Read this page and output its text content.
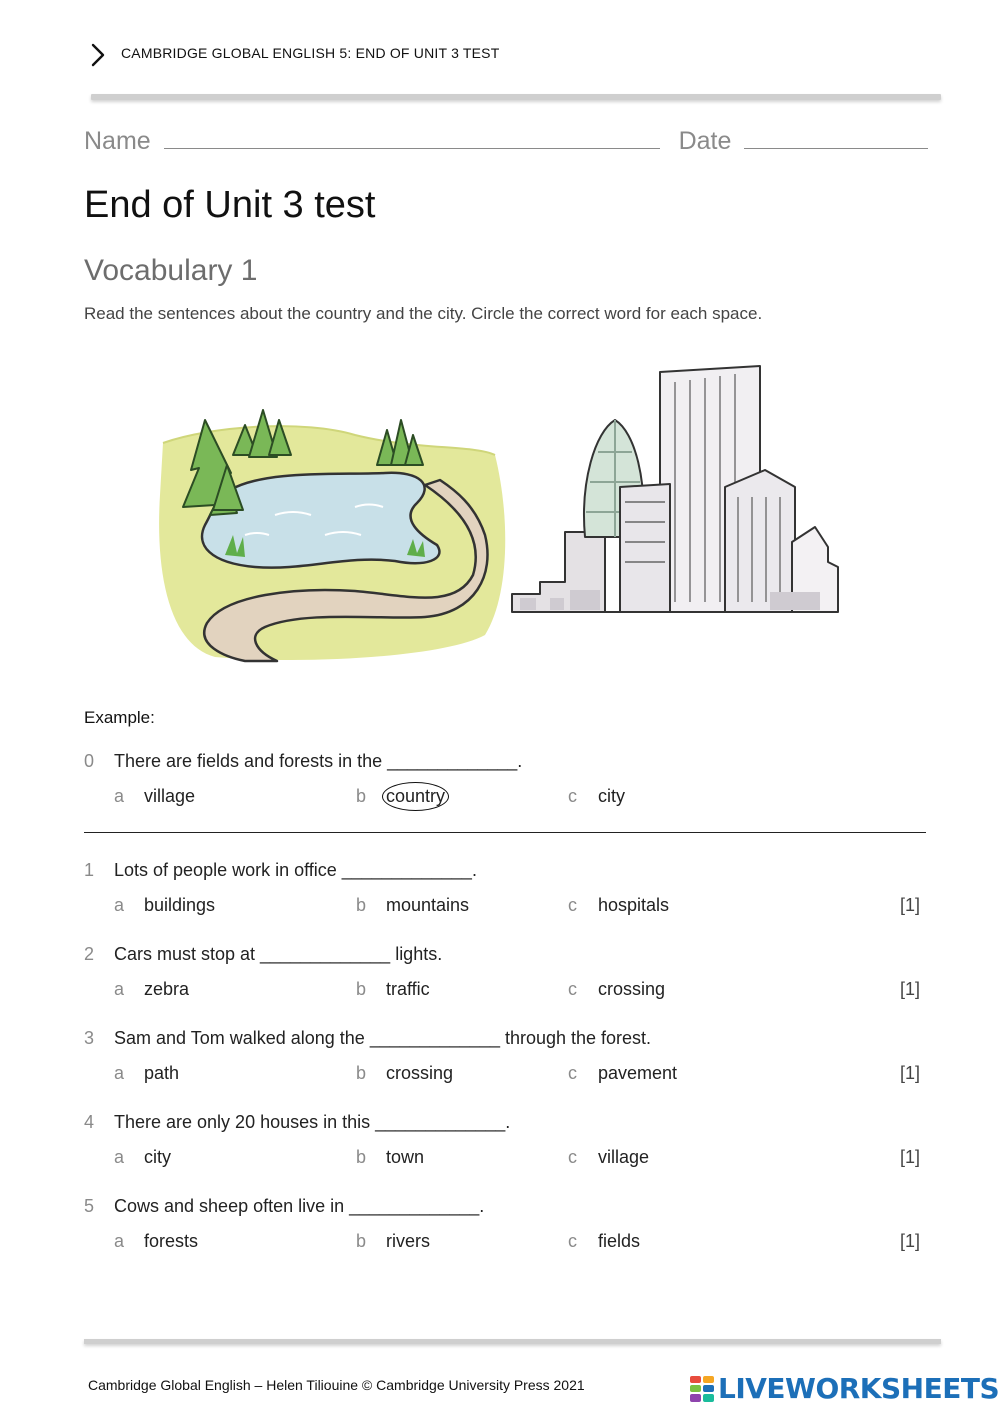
CAMBRIDGE GLOBAL ENGLISH 5: END OF UNIT 3 TEST
Name	Date
End of Unit 3 test
Vocabulary 1
Read the sentences about the country and the city. Circle the correct word for each space.
Example:
0 There are fields and forests in the _____________.
a village	b country	c city
1 Lots of people work in office _____________.
a buildings	b mountains	c hospitals	[1]
2 Cars must stop at _____________ lights.
a zebra	b traffic	c crossing	[1]
3 Sam and Tom walked along the _____________ through the forest.
a path	b crossing	c pavement	[1]
4 There are only 20 houses in this _____________.
a city	b town	c village	[1]
5 Cows and sheep often live in _____________.
a forests	b rivers	c fields	[1]
Cambridge Global English – Helen Tiliouine © Cambridge University Press 2021	LIVEWORKSHEETS
